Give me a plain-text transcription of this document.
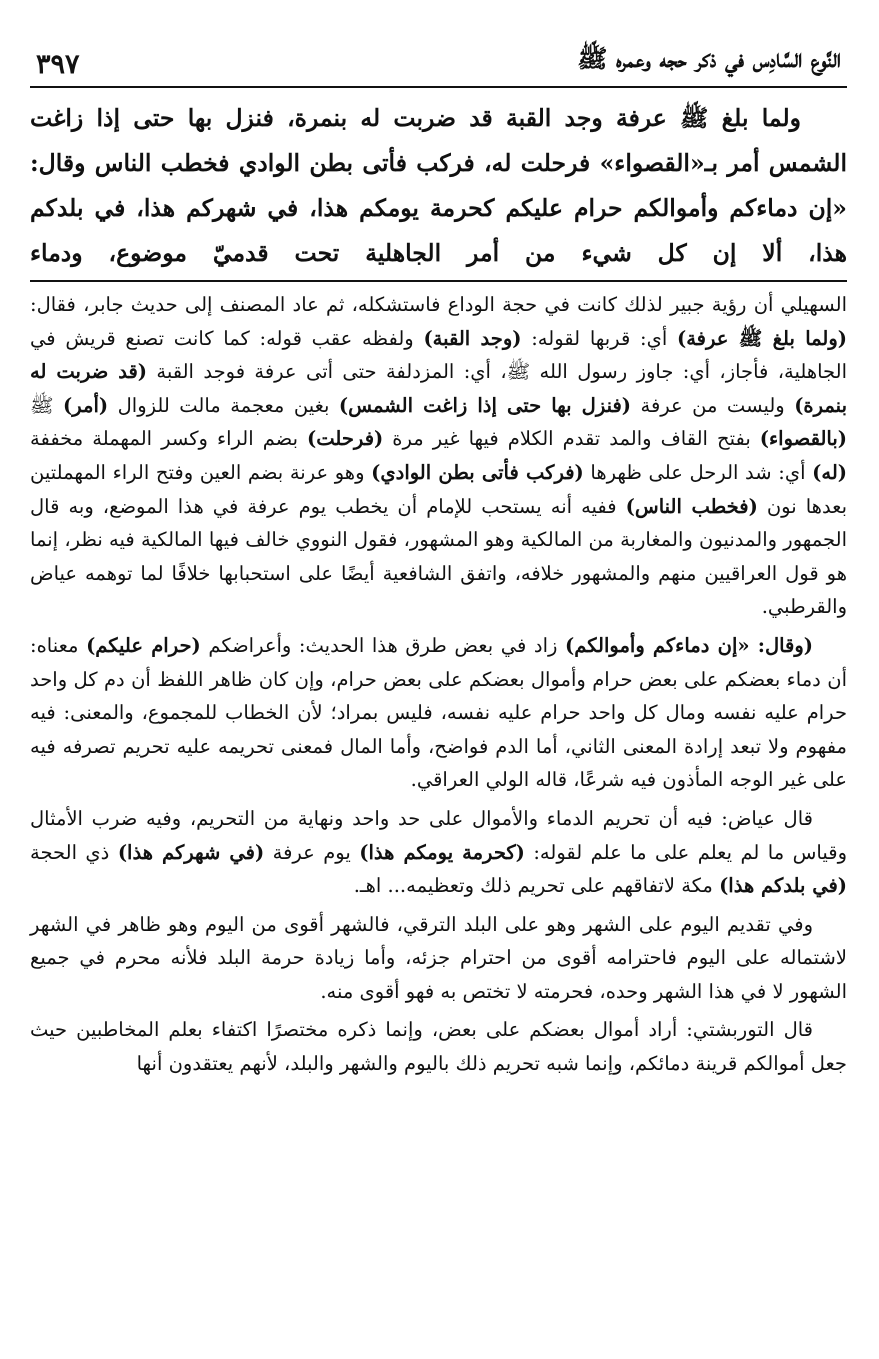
النَّوع السَّادِس في ذكر حجه وعمره ﷺ
٣٩٧

ولما بلغ ﷺ عرفة وجد القبة قد ضربت له بنمرة، فنزل بها حتى إذا زاغت الشمس أمر بـ«القصواء» فرحلت له، فركب فأتى بطن الوادي فخطب الناس وقال: «إن دماءكم وأموالكم حرام عليكم كحرمة يومكم هذا، في شهركم هذا، في بلدكم هذا، ألا إن كل شيء من أمر الجاهلية تحت قدميّ موضوع، ودماء

السهيلي أن رؤية جبير لذلك كانت في حجة الوداع فاستشكله، ثم عاد المصنف إلى حديث جابر، فقال: (ولما بلغ ﷺ عرفة) أي: قربها لقوله: (وجد القبة) ولفظه عقب قوله: كما كانت تصنع قريش في الجاهلية، فأجاز، أي: جاوز رسول الله ﷺ، أي: المزدلفة حتى أتى عرفة فوجد القبة (قد ضربت له بنمرة) وليست من عرفة (فنزل بها حتى إذا زاغت الشمس) بغين معجمة مالت للزوال (أمر) ﷺ (بالقصواء) بفتح القاف والمد تقدم الكلام فيها غير مرة (فرحلت) بضم الراء وكسر المهملة مخففة (له) أي: شد الرحل على ظهرها (فركب فأتى بطن الوادي) وهو عرنة بضم العين وفتح الراء المهملتين بعدها نون (فخطب الناس) ففيه أنه يستحب للإمام أن يخطب يوم عرفة في هذا الموضع، وبه قال الجمهور والمدنيون والمغاربة من المالكية وهو المشهور، فقول النووي خالف فيها المالكية فيه نظر، إنما هو قول العراقيين منهم والمشهور خلافه، واتفق الشافعية أيضًا على استحبابها خلافًا لما توهمه عياض والقرطبي.

(وقال: «إن دماءكم وأموالكم) زاد في بعض طرق هذا الحديث: وأعراضكم (حرام عليكم) معناه: أن دماء بعضكم على بعض حرام وأموال بعضكم على بعض حرام، وإن كان ظاهر اللفظ أن دم كل واحد حرام عليه نفسه ومال كل واحد حرام عليه نفسه، فليس بمراد؛ لأن الخطاب للمجموع، والمعنى: فيه مفهوم ولا تبعد إرادة المعنى الثاني، أما الدم فواضح، وأما المال فمعنى تحريمه عليه تحريم تصرفه فيه على غير الوجه المأذون فيه شرعًا، قاله الولي العراقي.

قال عياض: فيه أن تحريم الدماء والأموال على حد واحد ونهاية من التحريم، وفيه ضرب الأمثال وقياس ما لم يعلم على ما علم لقوله: (كحرمة يومكم هذا) يوم عرفة (في شهركم هذا) ذي الحجة (في بلدكم هذا) مكة لاتفاقهم على تحريم ذلك وتعظيمه... اهـ.

وفي تقديم اليوم على الشهر وهو على البلد الترقي، فالشهر أقوى من اليوم وهو ظاهر في الشهر لاشتماله على اليوم فاحترامه أقوى من احترام جزئه، وأما زيادة حرمة البلد فلأنه محرم في جميع الشهور لا في هذا الشهر وحده، فحرمته لا تختص به فهو أقوى منه.

قال التوربشتي: أراد أموال بعضكم على بعض، وإنما ذكره مختصرًا اكتفاء بعلم المخاطبين حيث جعل أموالكم قرينة دمائكم، وإنما شبه تحريم ذلك باليوم والشهر والبلد، لأنهم يعتقدون أنها
